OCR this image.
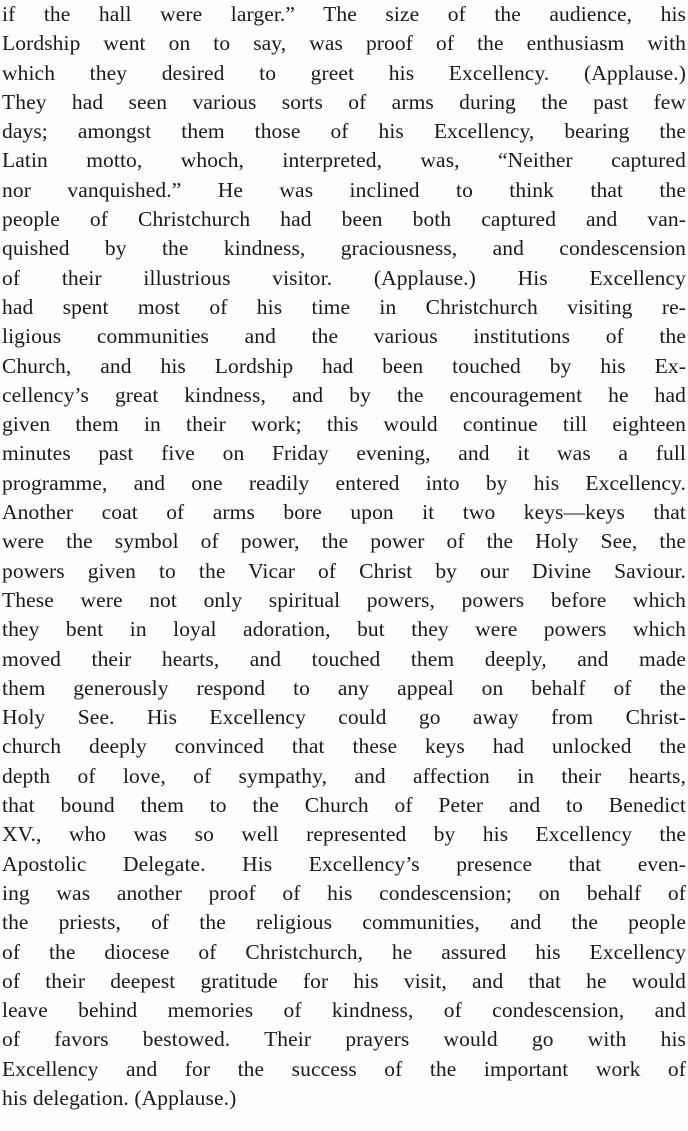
if the hall were larger.” The size of the audience, his
Lordship went on to say, was proof of the enthusiasm with
which they desired to greet his Excellency. (Applause.)
They had seen various sorts of arms during the past few
days; amongst them those of his Excellency, bearing the
Latin motto, whoch, interpreted, was, “Neither captured
nor vanquished.” He was inclined to think that the
people of Christchurch had been both captured and van-
quished by the kindness, graciousness, and condescension
of their illustrious visitor. (Applause.) His Excellency
had spent most of his time in Christchurch visiting re-
ligious communities and the various institutions of the
Church, and his Lordship had been touched by his Ex-
cellency’s great kindness, and by the encouragement he had
given them in their work; this would continue till eighteen
minutes past five on Friday evening, and it was a full
programme, and one readily entered into by his Excellency.
Another coat of arms bore upon it two keys—keys that
were the symbol of power, the power of the Holy See, the
powers given to the Vicar of Christ by our Divine Saviour.
These were not only spiritual powers, powers before which
they bent in loyal adoration, but they were powers which
moved their hearts, and touched them deeply, and made
them generously respond to any appeal on behalf of the
Holy See. His Excellency could go away from Christ-
church deeply convinced that these keys had unlocked the
depth of love, of sympathy, and affection in their hearts,
that bound them to the Church of Peter and to Benedict
XV., who was so well represented by his Excellency the
Apostolic Delegate. His Excellency’s presence that even-
ing was another proof of his condescension; on behalf of
the priests, of the religious communities, and the people
of the diocese of Christchurch, he assured his Excellency
of their deepest gratitude for his visit, and that he would
leave behind memories of kindness, of condescension, and
of favors bestowed. Their prayers would go with his
Excellency and for the success of the important work of
his delegation. (Applause.)
